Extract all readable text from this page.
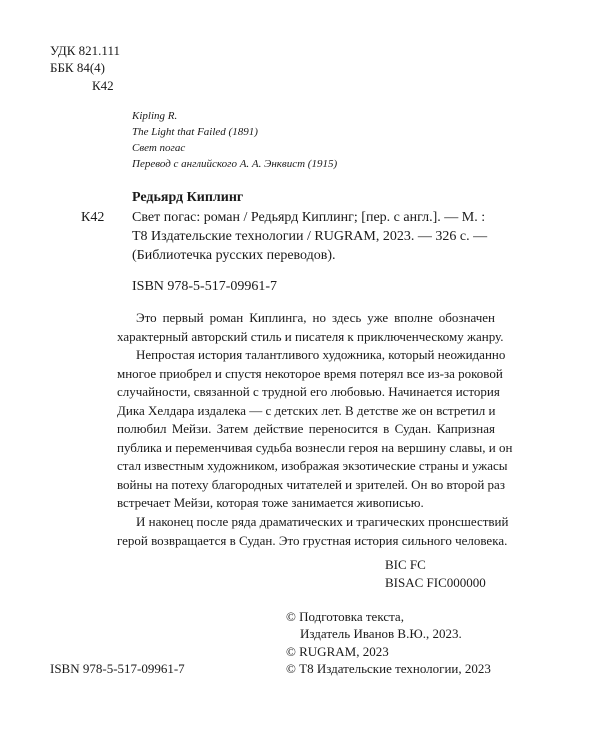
УДК 821.111
ББК 84(4)
К42
Kipling R.
The Light that Failed (1891)
Свет погас
Перевод с английского А. А. Энквист (1915)
Редьярд Киплинг
К42 Свет погас: роман / Редьярд Киплинг; [пер. с англ.]. — М. :
Т8 Издательские технологии / RUGRAM, 2023. — 326 с. —
(Библиотечка русских переводов).
ISBN 978-5-517-09961-7
Это первый роман Киплинга, но здесь уже вполне обозначен
характерный авторский стиль и писателя к приключенческому жанру.
Непростая история талантливого художника, который неожиданно
многое приобрел и спустя некоторое время потерял все из-за роковой
случайности, связанной с трудной его любовью. Начинается история
Дика Хелдара издалека — с детских лет. В детстве же он встретил и
полюбил Мейзи. Затем действие переносится в Судан. Капризная
публика и переменчивая судьба вознесли героя на вершину славы, и он
стал известным художником, изображая экзотические страны и ужасы
войны на потеху благородных читателей и зрителей. Он во второй раз
встречает Мейзи, которая тоже занимается живописью.
И наконец после ряда драматических и трагических пронсшествий
герой возвращается в Судан. Это грустная история сильного человека.
BIC FC
BISAC FIC000000
© Подготовка текста,
Издатель Иванов В.Ю., 2023.
© RUGRAM, 2023
© Т8 Издательские технологии, 2023
ISBN 978-5-517-09961-7
